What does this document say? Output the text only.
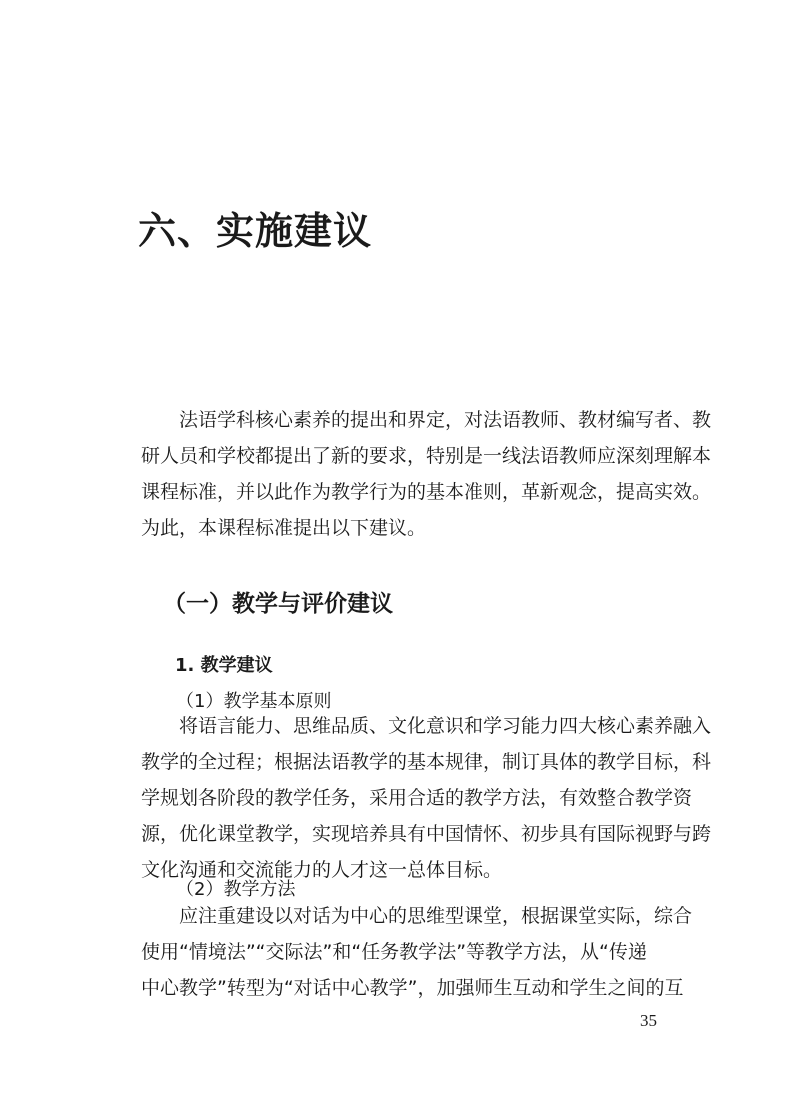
六、实施建议
法语学科核心素养的提出和界定，对法语教师、教材编写者、教
研人员和学校都提出了新的要求，特别是一线法语教师应深刻理解本
课程标准，并以此作为教学行为的基本准则，革新观念，提高实效。
为此，本课程标准提出以下建议。
（一）教学与评价建议
1. 教学建议
（1）教学基本原则
将语言能力、思维品质、文化意识和学习能力四大核心素养融入
教学的全过程；根据法语教学的基本规律，制订具体的教学目标，科
学规划各阶段的教学任务，采用合适的教学方法，有效整合教学资
源，优化课堂教学，实现培养具有中国情怀、初步具有国际视野与跨
文化沟通和交流能力的人才这一总体目标。
（2）教学方法
应注重建设以对话为中心的思维型课堂，根据课堂实际，综合
使用“情境法”“交际法”和“任务教学法”等教学方法，从“传递
中心教学”转型为“对话中心教学”，加强师生互动和学生之间的互
35
